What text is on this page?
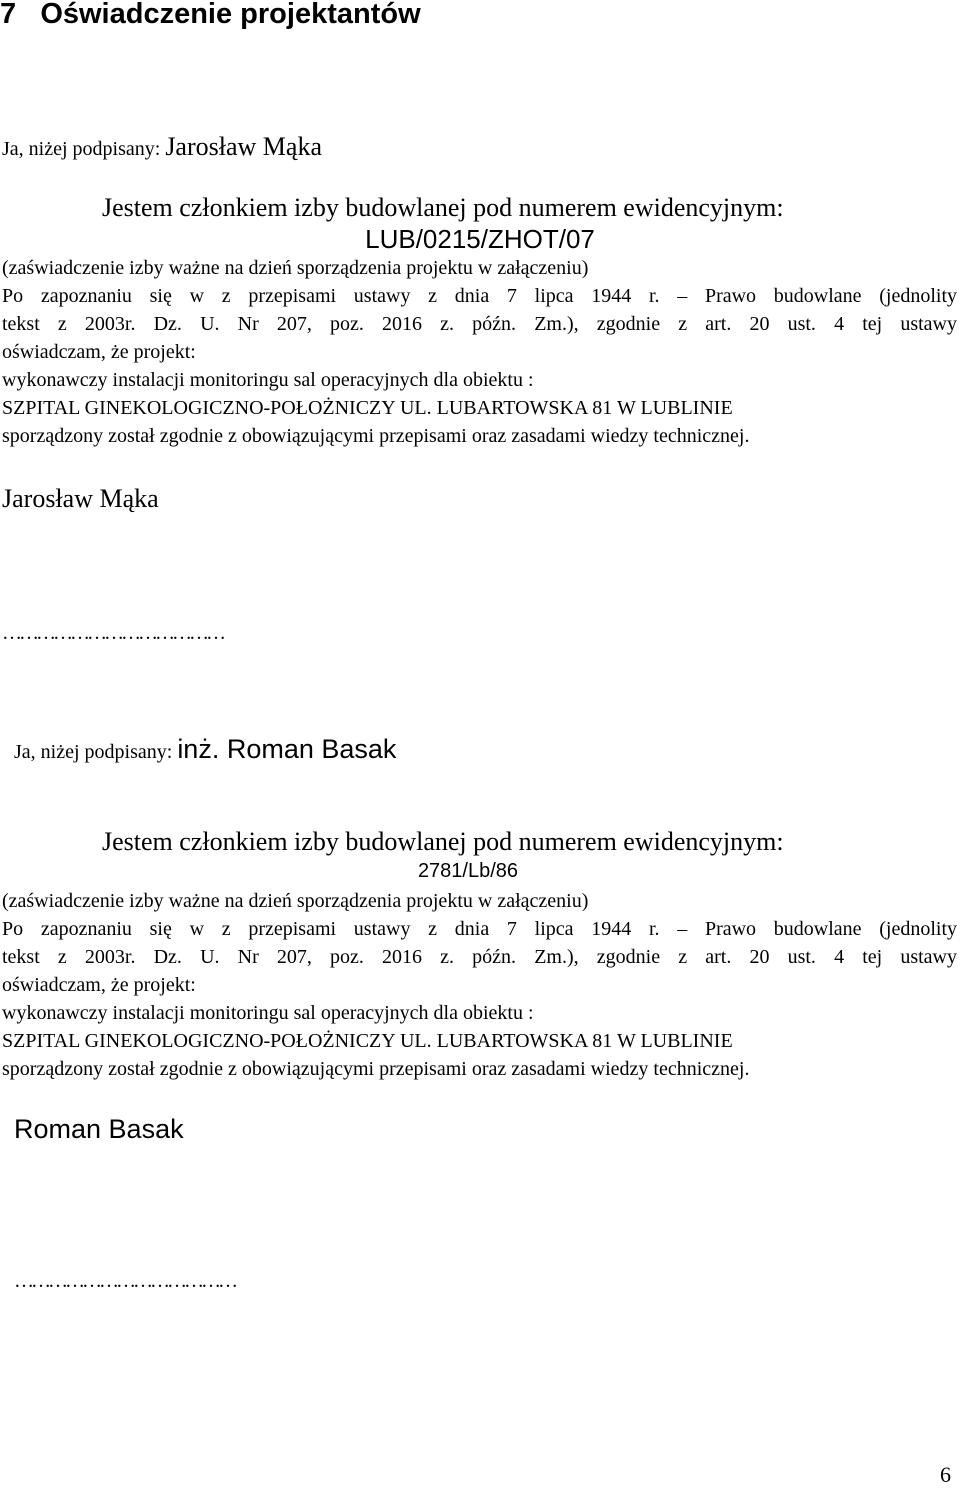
7 Oświadczenie projektantów
Ja, niżej podpisany: Jarosław Mąka
Jestem członkiem izby budowlanej pod numerem ewidencyjnym:
LUB/0215/ZHOT/07
(zaświadczenie izby ważne na dzień sporządzenia projektu w załączeniu)
Po zapoznaniu się w z przepisami ustawy z dnia 7 lipca 1944 r. – Prawo budowlane (jednolity
tekst z 2003r. Dz. U. Nr 207, poz. 2016 z. późn. Zm.), zgodnie z art. 20 ust. 4 tej ustawy
oświadczam, że projekt:
wykonawczy instalacji monitoringu sal operacyjnych dla obiektu :
SZPITAL GINEKOLOGICZNO-POŁOŻNICZY UL. LUBARTOWSKA 81 W LUBLINIE
sporządzony został zgodnie z obowiązującymi przepisami oraz zasadami wiedzy technicznej.
Jarosław Mąka
…………………………………
Ja, niżej podpisany: inż. Roman Basak
Jestem członkiem izby budowlanej pod numerem ewidencyjnym:
2781/Lb/86
(zaświadczenie izby ważne na dzień sporządzenia projektu w załączeniu)
Po zapoznaniu się w z przepisami ustawy z dnia 7 lipca 1944 r. – Prawo budowlane (jednolity
tekst z 2003r. Dz. U. Nr 207, poz. 2016 z. późn. Zm.), zgodnie z art. 20 ust. 4 tej ustawy
oświadczam, że projekt:
wykonawczy instalacji monitoringu sal operacyjnych dla obiektu :
SZPITAL GINEKOLOGICZNO-POŁOŻNICZY UL. LUBARTOWSKA 81 W LUBLINIE
sporządzony został zgodnie z obowiązującymi przepisami oraz zasadami wiedzy technicznej.
Roman Basak
…………………………………
6
